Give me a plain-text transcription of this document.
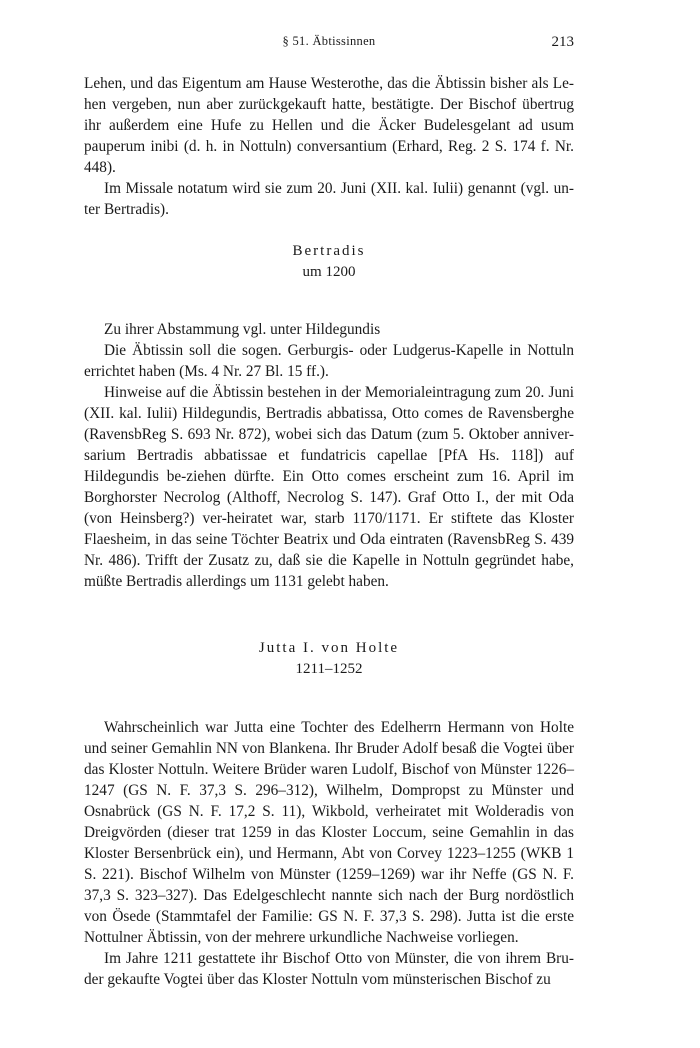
§ 51. Äbtissinnen	213

Lehen, und das Eigentum am Hause Westerothe, das die Äbtissin bisher als Le-hen vergeben, nun aber zurückgekauft hatte, bestätigte. Der Bischof übertrug ihr außerdem eine Hufe zu Hellen und die Äcker Budelesgelant ad usum pauperum inibi (d. h. in Nottuln) conversantium (Erhard, Reg. 2 S. 174 f. Nr. 448).

Im Missale notatum wird sie zum 20. Juni (XII. kal. Iulii) genannt (vgl. un-ter Bertradis).

Bertradis
um 1200

Zu ihrer Abstammung vgl. unter Hildegundis

Die Äbtissin soll die sogen. Gerburgis- oder Ludgerus-Kapelle in Nottuln errichtet haben (Ms. 4 Nr. 27 Bl. 15 ff.).

Hinweise auf die Äbtissin bestehen in der Memorialeintragung zum 20. Juni (XII. kal. Iulii) Hildegundis, Bertradis abbatissa, Otto comes de Ravensberghe (RavensbReg S. 693 Nr. 872), wobei sich das Datum (zum 5. Oktober anniver-sarium Bertradis abbatissae et fundatricis capellae [PfA Hs. 118]) auf Hildegundis be-ziehen dürfte. Ein Otto comes erscheint zum 16. April im Borghorster Necrolog (Althoff, Necrolog S. 147). Graf Otto I., der mit Oda (von Heinsberg?) ver-heiratet war, starb 1170/1171. Er stiftete das Kloster Flaesheim, in das seine Töchter Beatrix und Oda eintraten (RavensbReg S. 439 Nr. 486). Trifft der Zusatz zu, daß sie die Kapelle in Nottuln gegründet habe, müßte Bertradis allerdings um 1131 gelebt haben.

Jutta I. von Holte
1211–1252

Wahrscheinlich war Jutta eine Tochter des Edelherrn Hermann von Holte und seiner Gemahlin NN von Blankena. Ihr Bruder Adolf besaß die Vogtei über das Kloster Nottuln. Weitere Brüder waren Ludolf, Bischof von Münster 1226–1247 (GS N. F. 37,3 S. 296–312), Wilhelm, Dompropst zu Münster und Osnabrück (GS N. F. 17,2 S. 11), Wikbold, verheiratet mit Wolderadis von Dreigvörden (dieser trat 1259 in das Kloster Loccum, seine Gemahlin in das Kloster Bersenbrück ein), und Hermann, Abt von Corvey 1223–1255 (WKB 1 S. 221). Bischof Wilhelm von Münster (1259–1269) war ihr Neffe (GS N. F. 37,3 S. 323–327). Das Edelgeschlecht nannte sich nach der Burg nordöstlich von Ösede (Stammtafel der Familie: GS N. F. 37,3 S. 298). Jutta ist die erste Nottulner Äbtissin, von der mehrere urkundliche Nachweise vorliegen.

Im Jahre 1211 gestattete ihr Bischof Otto von Münster, die von ihrem Bru-der gekaufte Vogtei über das Kloster Nottuln vom münsterischen Bischof zu
